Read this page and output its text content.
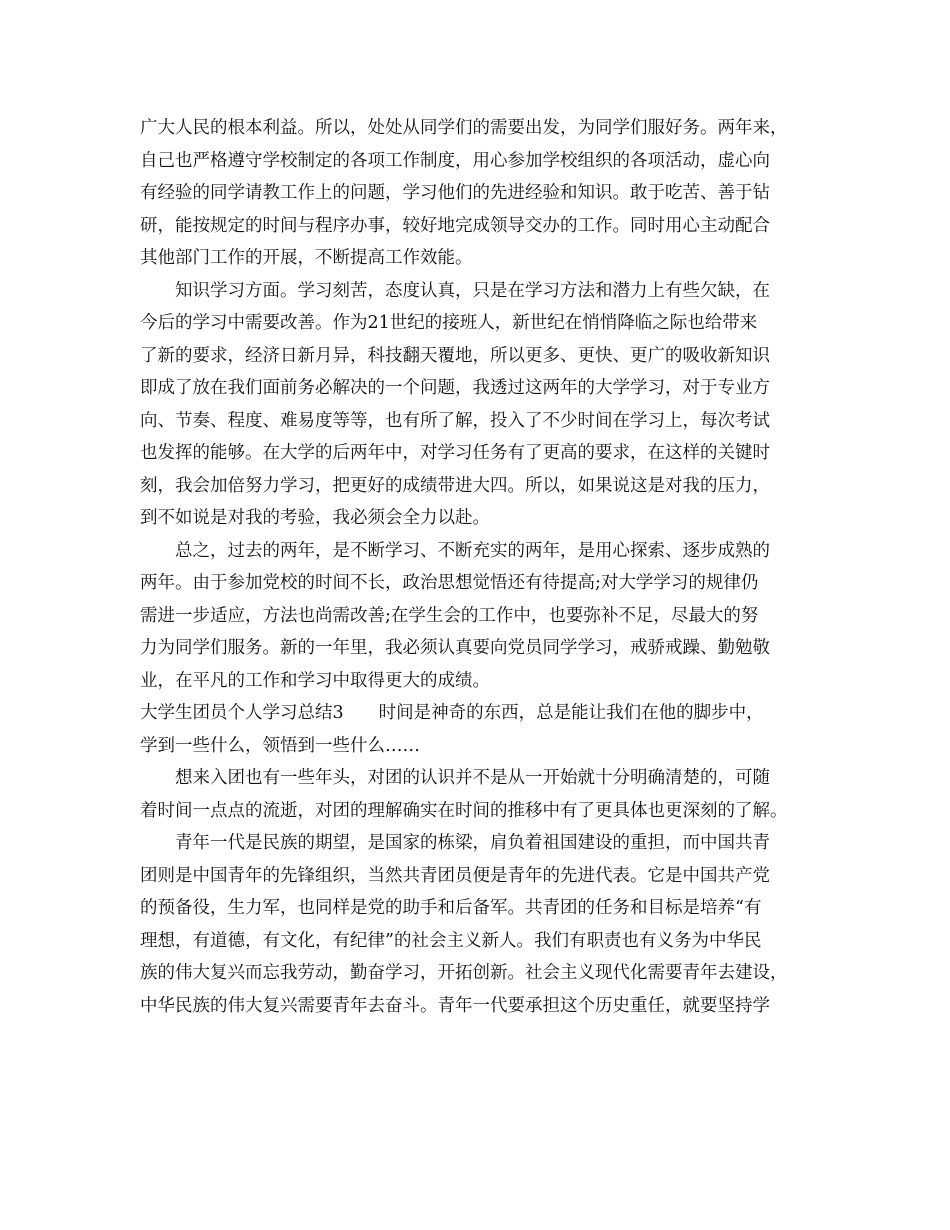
广大人民的根本利益。所以，处处从同学们的需要出发，为同学们服好务。两年来，
自己也严格遵守学校制定的各项工作制度，用心参加学校组织的各项活动，虚心向
有经验的同学请教工作上的问题，学习他们的先进经验和知识。敢于吃苦、善于钻
研，能按规定的时间与程序办事，较好地完成领导交办的工作。同时用心主动配合
其他部门工作的开展，不断提高工作效能。
知识学习方面。学习刻苦，态度认真，只是在学习方法和潜力上有些欠缺，在
今后的学习中需要改善。作为21世纪的接班人，新世纪在悄悄降临之际也给带来
了新的要求，经济日新月异，科技翻天覆地，所以更多、更快、更广的吸收新知识
即成了放在我们面前务必解决的一个问题，我透过这两年的大学学习，对于专业方
向、节奏、程度、难易度等等，也有所了解，投入了不少时间在学习上，每次考试
也发挥的能够。在大学的后两年中，对学习任务有了更高的要求，在这样的关键时
刻，我会加倍努力学习，把更好的成绩带进大四。所以，如果说这是对我的压力，
到不如说是对我的考验，我必须会全力以赴。
总之，过去的两年，是不断学习、不断充实的两年，是用心探索、逐步成熟的
两年。由于参加党校的时间不长，政治思想觉悟还有待提高;对大学学习的规律仍
需进一步适应，方法也尚需改善;在学生会的工作中，也要弥补不足，尽最大的努
力为同学们服务。新的一年里，我必须认真要向党员同学学习，戒骄戒躁、勤勉敬
业，在平凡的工作和学习中取得更大的成绩。
大学生团员个人学习总结3　　时间是神奇的东西，总是能让我们在他的脚步中，
学到一些什么，领悟到一些什么……
想来入团也有一些年头，对团的认识并不是从一开始就十分明确清楚的，可随
着时间一点点的流逝，对团的理解确实在时间的推移中有了更具体也更深刻的了解。
青年一代是民族的期望，是国家的栋梁，肩负着祖国建设的重担，而中国共青
团则是中国青年的先锋组织，当然共青团员便是青年的先进代表。它是中国共产党
的预备役，生力军，也同样是党的助手和后备军。共青团的任务和目标是培养“有
理想，有道德，有文化，有纪律”的社会主义新人。我们有职责也有义务为中华民
族的伟大复兴而忘我劳动，勤奋学习，开拓创新。社会主义现代化需要青年去建设，
中华民族的伟大复兴需要青年去奋斗。青年一代要承担这个历史重任，就要坚持学
